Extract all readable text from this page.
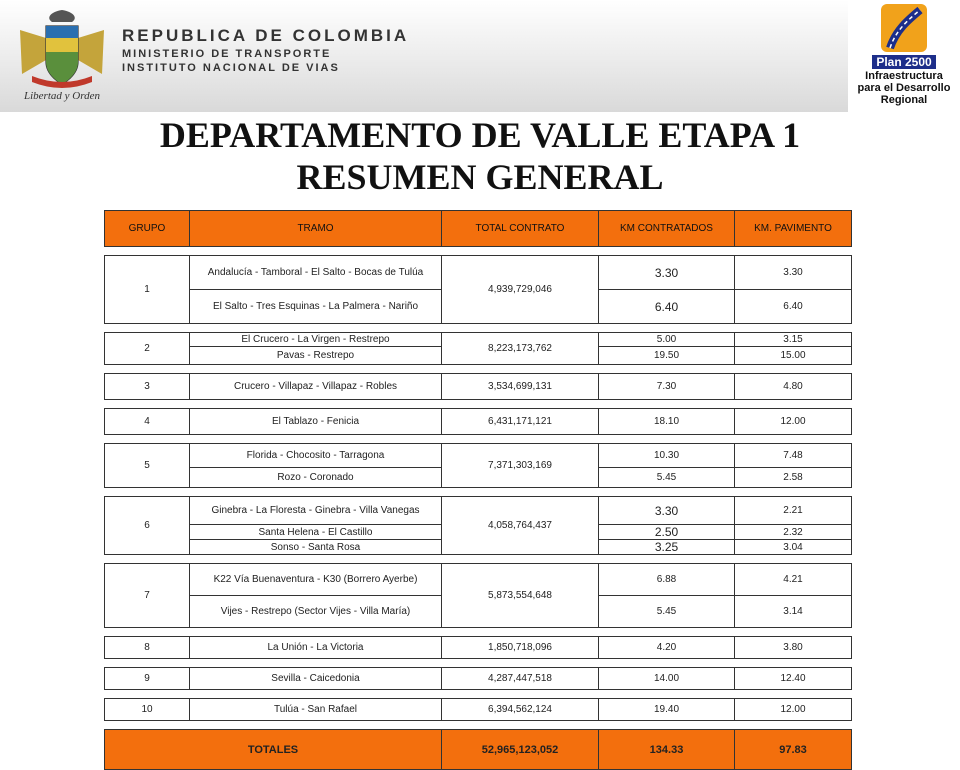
Libertad y Orden
REPUBLICA DE COLOMBIA
MINISTERIO DE TRANSPORTE
INSTITUTO NACIONAL DE VIAS	Plan 2500
Infraestructura
para el Desarrollo
Regional
DEPARTAMENTO DE VALLE ETAPA 1
RESUMEN GENERAL
GRUPO	TRAMO	TOTAL CONTRATO	KM CONTRATADOS	KM. PAVIMENTO

1	Andalucía - Tamboral - El Salto - Bocas de Tulúa	4,939,729,046	3.30	3.30
	El Salto - Tres Esquinas - La Palmera - Nariño		6.40	6.40

2	El Crucero - La Virgen - Restrepo	8,223,173,762	5.00	3.15
	Pavas - Restrepo		19.50	15.00

3	Crucero - Villapaz - Villapaz - Robles	3,534,699,131	7.30	4.80

4	El Tablazo - Fenicia	6,431,171,121	18.10	12.00

5	Florida - Chocosito - Tarragona	7,371,303,169	10.30	7.48
	Rozo - Coronado		5.45	2.58

6	Ginebra - La Floresta - Ginebra - Villa Vanegas	4,058,764,437	3.30	2.21
	Santa Helena - El Castillo		2.50	2.32
	Sonso - Santa Rosa		3.25	3.04

7	K22 Vía Buenaventura - K30 (Borrero Ayerbe)	5,873,554,648	6.88	4.21
	Vijes - Restrepo (Sector Vijes - Villa María)		5.45	3.14

8	La Unión - La Victoria	1,850,718,096	4.20	3.80

9	Sevilla - Caicedonia	4,287,447,518	14.00	12.40

10	Tulúa - San Rafael	6,394,562,124	19.40	12.00

TOTALES		52,965,123,052	134.33	97.83
